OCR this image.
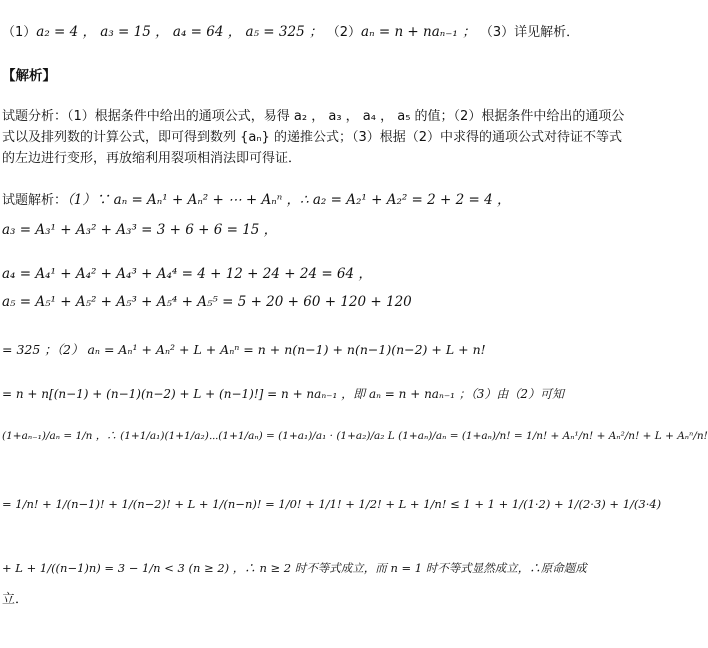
（1）a₂ = 4 ， a₃ = 15 ， a₄ = 64 ， a₅ = 325 ； （2）aₙ = n + naₙ₋₁ ； （3）详见解析．
【解析】
试题分析：（1）根据条件中给出的通项公式，易得 a₂ ， a₃ ， a₄ ， a₅ 的值；（2）根据条件中给出的通项公式以及排列数的计算公式，即可得到数列 {aₙ} 的递推公式；（3）根据（2）中求得的通项公式对待证不等式的左边进行变形，再放缩利用裂项相消法即可得证．
试题解析：（1）∵ aₙ = Aₙ¹ + Aₙ² + ⋯ + Aₙⁿ ，∴ a₂ = A₂¹ + A₂² = 2 + 2 = 4 ，
a₃ = A₃¹ + A₃² + A₃³ = 3 + 6 + 6 = 15 ，
a₄ = A₄¹ + A₄² + A₄³ + A₄⁴ = 4 + 12 + 24 + 24 = 64 ，
a₅ = A₅¹ + A₅² + A₅³ + A₅⁴ + A₅⁵ = 5 + 20 + 60 + 120 + 120
= 325 ；（2） aₙ = Aₙ¹ + Aₙ² + L + Aₙⁿ = n + n(n−1) + n(n−1)(n−2) + L + n!
= n + n[(n−1) + (n−1)(n−2) + L + (n−1)!] = n + naₙ₋₁ ，即 aₙ = n + naₙ₋₁ ；（3）由（2）可知
(1+aₙ₋₁)/aₙ = 1/n ，∴ (1+1/a₁)(1+1/a₂)⋯(1+1/aₙ) = (1+a₁)/a₁ · (1+a₂)/a₂ L (1+aₙ)/aₙ = (1+aₙ)/n! = 1/n! + Aₙ¹/n! + Aₙ²/n! + L + Aₙⁿ/n!
= 1/n! + 1/(n−1)! + 1/(n−2)! + L + 1/(n−n)! = 1/0! + 1/1! + 1/2! + L + 1/n! ≤ 1 + 1 + 1/(1·2) + 1/(2·3) + 1/(3·4)
+ L + 1/((n−1)n) = 3 − 1/n < 3 (n ≥ 2) ，∴ n ≥ 2 时不等式成立，而 n = 1 时不等式显然成立，∴原命题成
立．
